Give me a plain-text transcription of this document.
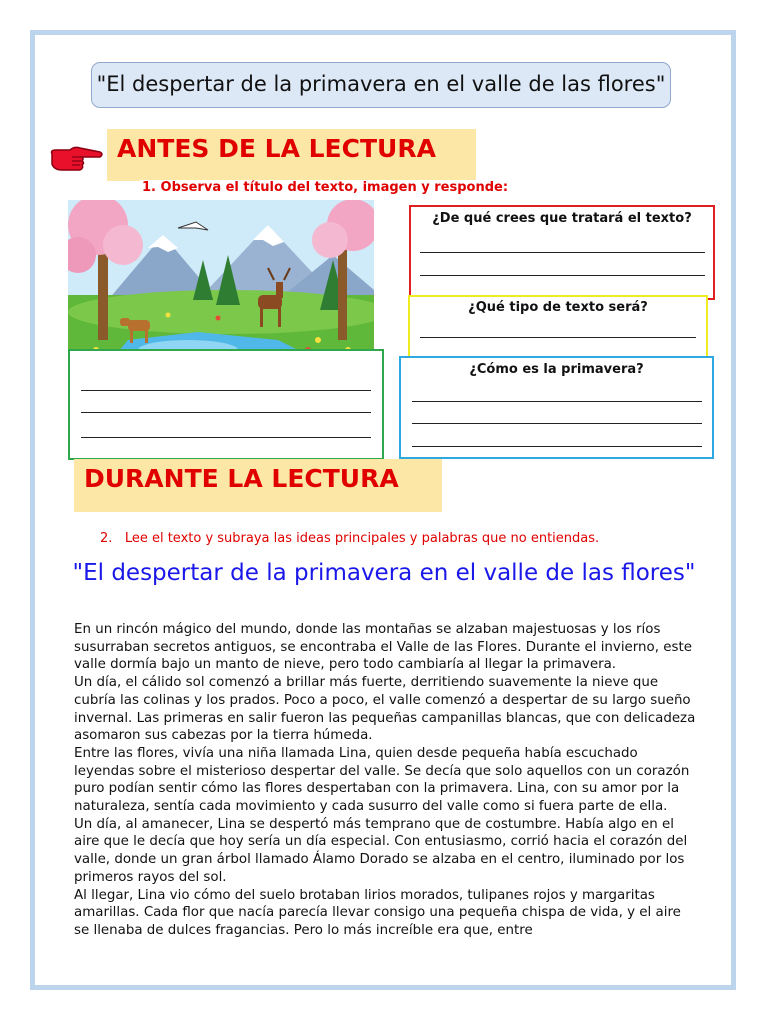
"El despertar de la primavera en el valle de las flores"
ANTES DE LA LECTURA
1. Observa el título del texto, imagen y responde:
¿De qué crees que tratará el texto?
¿Qué tipo de texto será?
¿Cómo es la primavera?
DURANTE LA LECTURA
2. Lee el texto y subraya las ideas principales y palabras que no entiendas.
"El despertar de la primavera en el valle de las flores"

En un rincón mágico del mundo, donde las montañas se alzaban majestuosas y los ríos susurraban secretos antiguos, se encontraba el Valle de las Flores. Durante el invierno, este valle dormía bajo un manto de nieve, pero todo cambiaría al llegar la primavera.

Un día, el cálido sol comenzó a brillar más fuerte, derritiendo suavemente la nieve que cubría las colinas y los prados. Poco a poco, el valle comenzó a despertar de su largo sueño invernal. Las primeras en salir fueron las pequeñas campanillas blancas, que con delicadeza asomaron sus cabezas por la tierra húmeda.

Entre las flores, vivía una niña llamada Lina, quien desde pequeña había escuchado leyendas sobre el misterioso despertar del valle. Se decía que solo aquellos con un corazón puro podían sentir cómo las flores despertaban con la primavera. Lina, con su amor por la naturaleza, sentía cada movimiento y cada susurro del valle como si fuera parte de ella.

Un día, al amanecer, Lina se despertó más temprano que de costumbre. Había algo en el aire que le decía que hoy sería un día especial. Con entusiasmo, corrió hacia el corazón del valle, donde un gran árbol llamado Álamo Dorado se alzaba en el centro, iluminado por los primeros rayos del sol.

Al llegar, Lina vio cómo del suelo brotaban lirios morados, tulipanes rojos y margaritas amarillas. Cada flor que nacía parecía llevar consigo una pequeña chispa de vida, y el aire se llenaba de dulces fragancias. Pero lo más increíble era que, entre
